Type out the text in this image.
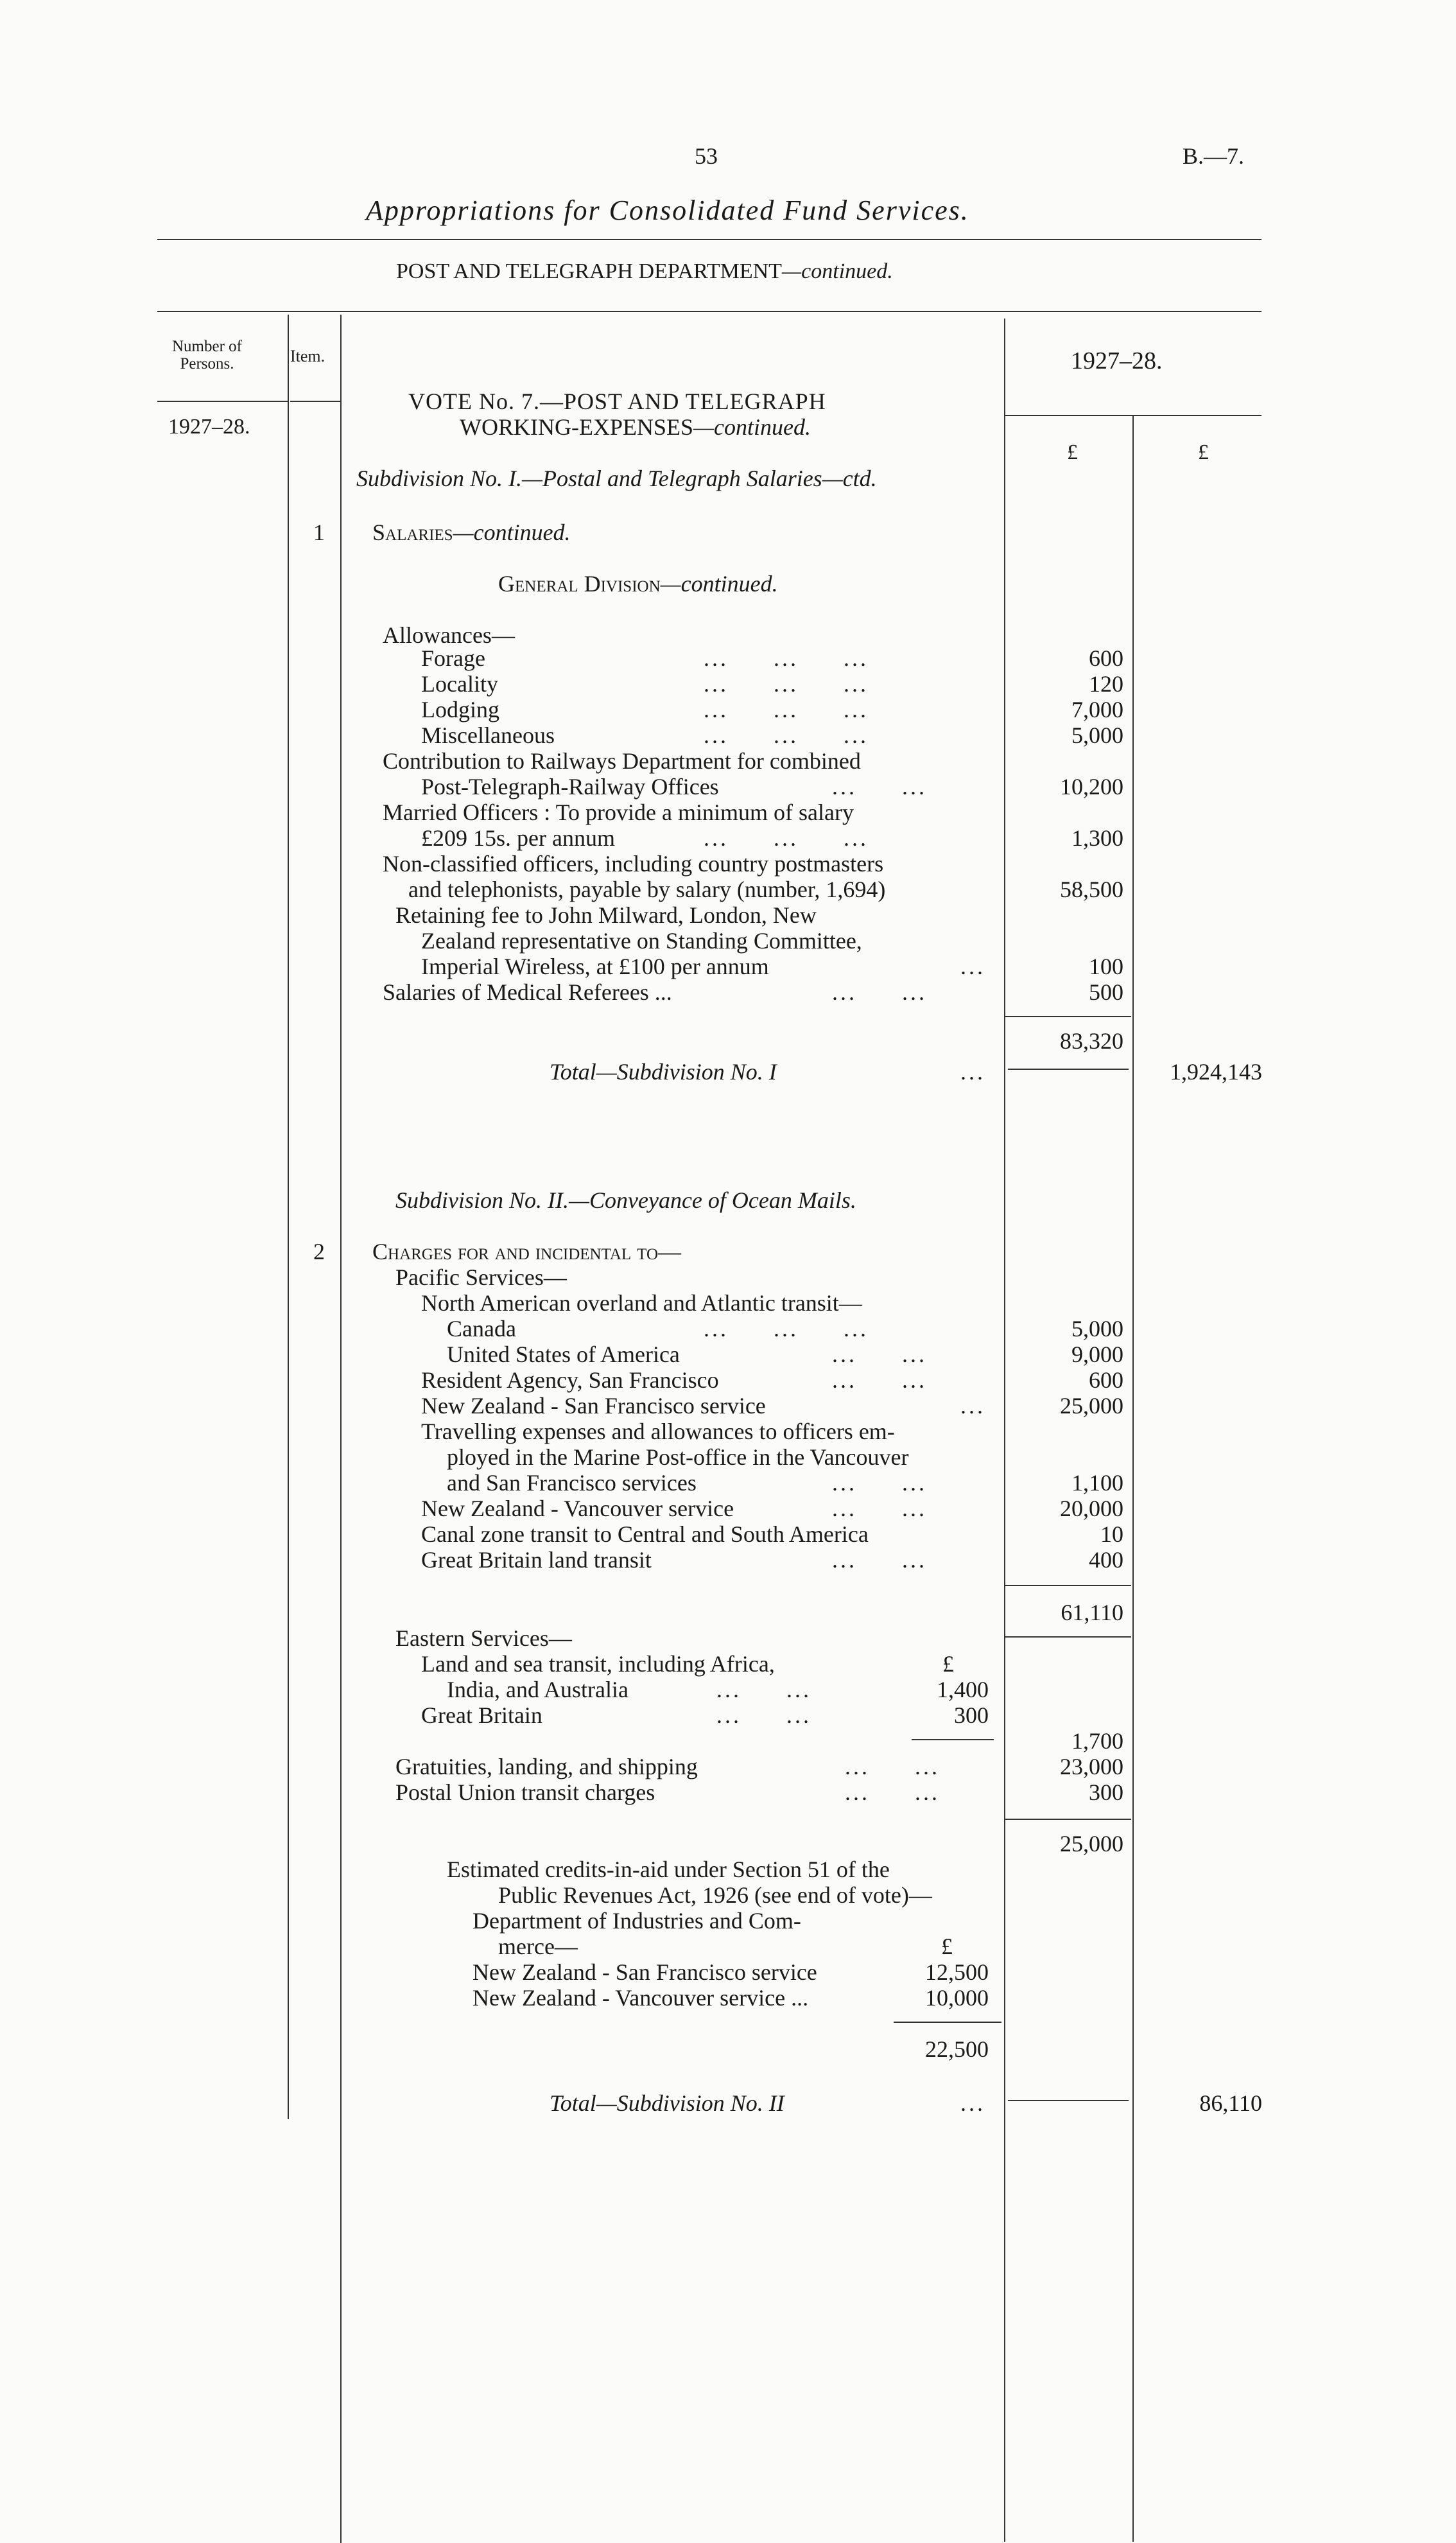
53	B.—7.
Appropriations for Consolidated Fund Services.
POST AND TELEGRAPH DEPARTMENT—continued.
Number of Persons.	Item.	1927–28.
1927–28.
£	£
VOTE No. 7.—POST AND TELEGRAPH
WORKING-EXPENSES—continued.
Subdivision No. I.—Postal and Telegraph Salaries—ctd.
1 Salaries—continued.
General Division—continued.
Allowances—
Forage	... ... ...	600
Locality	... ... ...	120
Lodging	... ... ...	7,000
Miscellaneous	... ... ...	5,000
Contribution to Railways Department for combined
Post-Telegraph-Railway Offices	... ...	10,200
Married Officers : To provide a minimum of salary
£209 15s. per annum	... ... ...	1,300
Non-classified officers, including country postmasters
and telephonists, payable by salary (number, 1,694)	58,500
Retaining fee to John Milward, London, New
Zealand representative on Standing Committee,
Imperial Wireless, at £100 per annum	...	100
Salaries of Medical Referees ...	... ...	500
83,320
Total—Subdivision No. I	...	1,924,143
Subdivision No. II.—Conveyance of Ocean Mails.
2 Charges for and incidental to—
Pacific Services—
North American overland and Atlantic transit—
Canada	... ... ...	5,000
United States of America	... ...	9,000
Resident Agency, San Francisco	... ...	600
New Zealand - San Francisco service	...	25,000
Travelling expenses and allowances to officers em-
ployed in the Marine Post-office in the Vancouver
and San Francisco services	... ...	1,100
New Zealand - Vancouver service	... ...	20,000
Canal zone transit to Central and South America	10
Great Britain land transit	... ...	400
61,110
Eastern Services—
Land and sea transit, including Africa,	£
India, and Australia	... ...	1,400
Great Britain	... ...	300
1,700
Gratuities, landing, and shipping	... ...	23,000
Postal Union transit charges	... ...	300
25,000
Estimated credits-in-aid under Section 51 of the
Public Revenues Act, 1926 (see end of vote)—
Department of Industries and Com-
merce—	£
New Zealand - San Francisco service	12,500
New Zealand - Vancouver service ...	10,000
22,500
Total—Subdivision No. II	...	86,110
